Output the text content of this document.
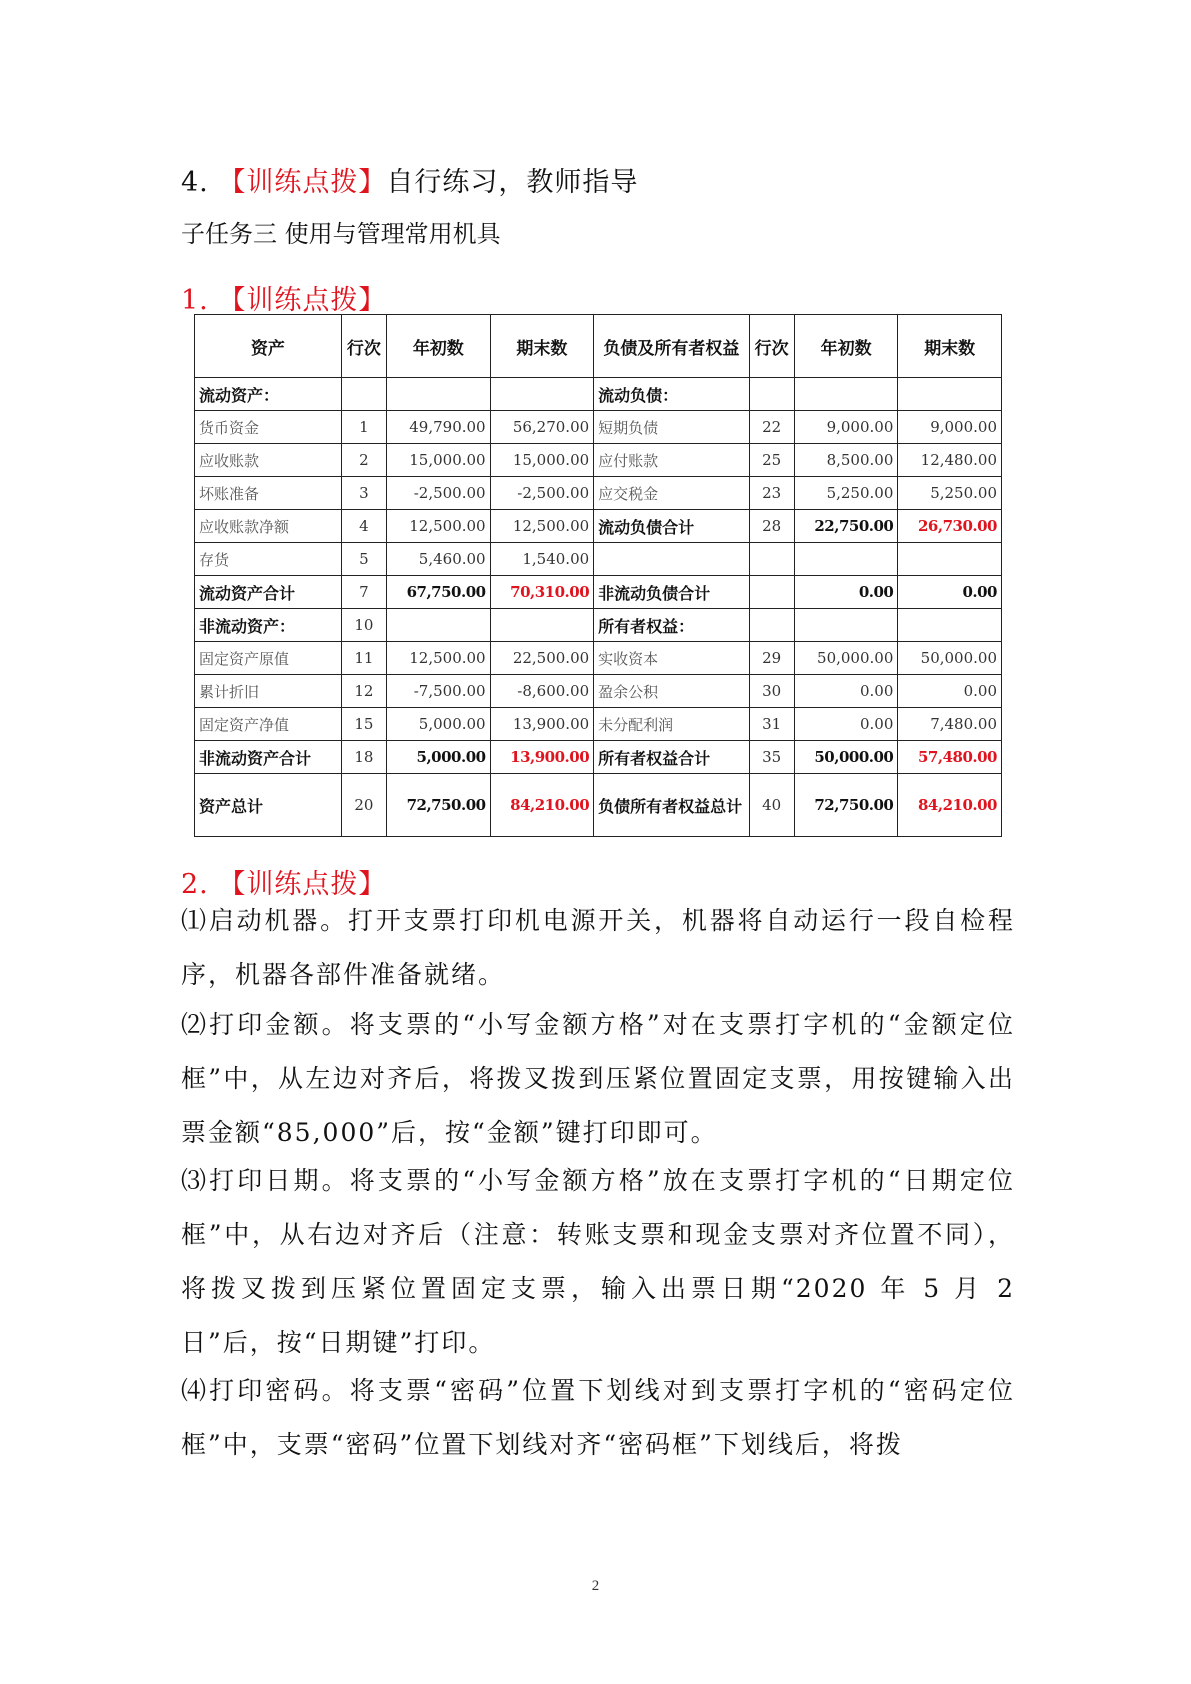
4. 【训练点拨】自行练习，教师指导
子任务三 使用与管理常用机具
1. 【训练点拨】
资产	行次	年初数	期末数	负债及所有者权益	行次	年初数	期末数
流动资产：				流动负债：			
货币资金	1	49,790.00	56,270.00	短期负债	22	9,000.00	9,000.00
应收账款	2	15,000.00	15,000.00	应付账款	25	8,500.00	12,480.00
坏账准备	3	-2,500.00	-2,500.00	应交税金	23	5,250.00	5,250.00
应收账款净额	4	12,500.00	12,500.00	流动负债合计	28	22,750.00	26,730.00
存货	5	5,460.00	1,540.00				
流动资产合计	7	67,750.00	70,310.00	非流动负债合计		0.00	0.00
非流动资产：	10			所有者权益：			
固定资产原值	11	12,500.00	22,500.00	实收资本	29	50,000.00	50,000.00
累计折旧	12	-7,500.00	-8,600.00	盈余公积	30	0.00	0.00
固定资产净值	15	5,000.00	13,900.00	未分配利润	31	0.00	7,480.00
非流动资产合计	18	5,000.00	13,900.00	所有者权益合计	35	50,000.00	57,480.00
资产总计	20	72,750.00	84,210.00	负债所有者权益总计	40	72,750.00	84,210.00
2. 【训练点拨】
⑴启动机器。打开支票打印机电源开关，机器将自动运行一段自检程序，机器各部件准备就绪。
⑵打印金额。将支票的“小写金额方格”对在支票打字机的“金额定位框”中，从左边对齐后，将拨叉拨到压紧位置固定支票，用按键输入出票金额“85,000”后，按“金额”键打印即可。
⑶打印日期。将支票的“小写金额方格”放在支票打字机的“日期定位框”中，从右边对齐后（注意：转账支票和现金支票对齐位置不同），将拨叉拨到压紧位置固定支票，输入出票日期“2020 年 5 月 2 日”后，按“日期键”打印。
⑷打印密码。将支票“密码”位置下划线对到支票打字机的“密码定位框”中，支票“密码”位置下划线对齐“密码框”下划线后，将拨
2
